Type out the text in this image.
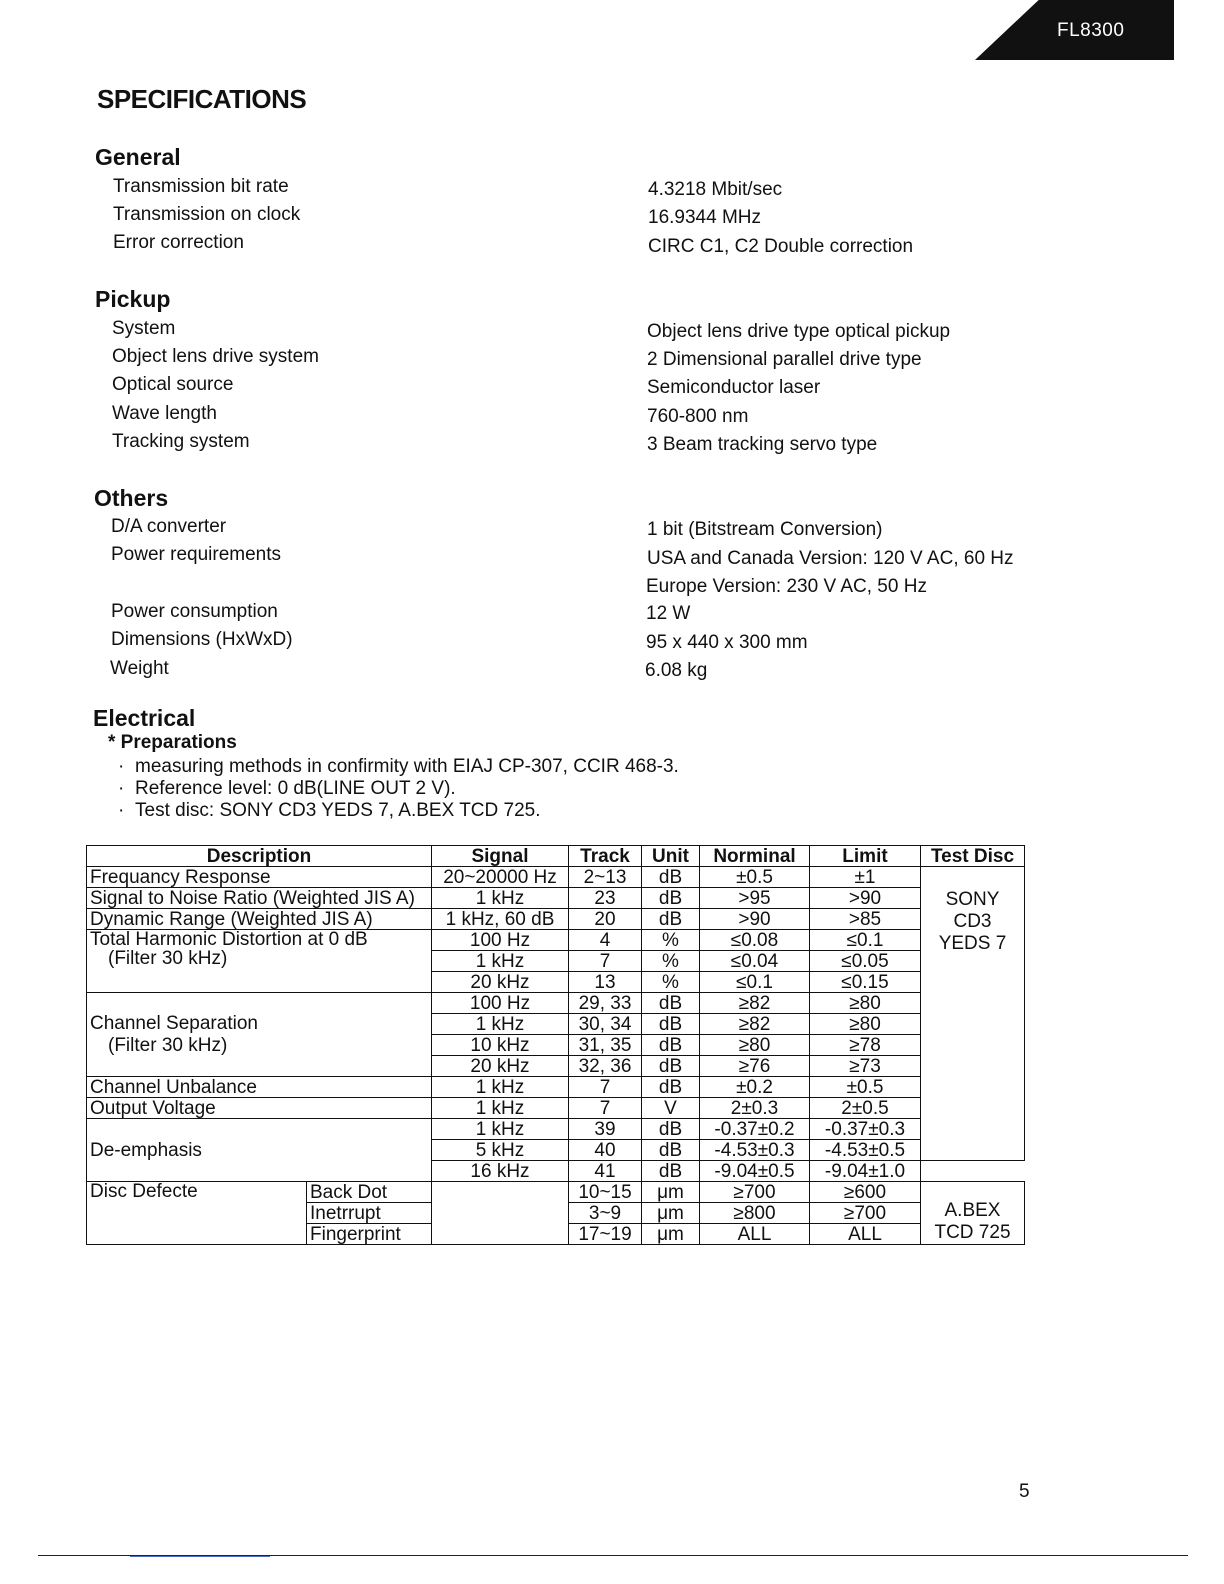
FL8300
SPECIFICATIONS
General
Transmission bit rate	4.3218 Mbit/sec
Transmission on clock	16.9344 MHz
Error correction	CIRC C1, C2 Double correction
Pickup
System	Object lens drive type optical pickup
Object lens drive system	2 Dimensional parallel drive type
Optical source	Semiconductor laser
Wave length	760-800 nm
Tracking system	3 Beam tracking servo type
Others
D/A converter	1 bit (Bitstream Conversion)
Power requirements	USA and Canada Version: 120 V AC, 60 Hz
Europe Version: 230 V AC, 50 Hz
Power consumption	12 W
Dimensions (HxWxD)	95 x 440 x 300 mm
Weight	6.08 kg
Electrical
* Preparations
· measuring methods in confirmity with EIAJ CP-307, CCIR 468-3.
· Reference level: 0 dB(LINE OUT 2 V).
· Test disc: SONY CD3 YEDS 7, A.BEX TCD 725.
Description		Signal	Track	Unit	Norminal	Limit	Test Disc
Frequancy Response		20~20000 Hz	2~13	dB	±0.5	±1	SONY
CD3
YEDS 7

Signal to Noise Ratio (Weighted JIS A)		1 kHz	23	dB	>95	>90	
Dynamic Range (Weighted JIS A)		1 kHz, 60 dB	20	dB	>90	>85	

Total Harmonic Distortion at 0 dB
(Filter 30 kHz)		100 Hz	4	%	≤0.08	≤0.1	
		1 kHz	7	%	≤0.04	≤0.05	
		20 kHz	13	%	≤0.1	≤0.15	

Channel Separation
(Filter 30 kHz)		100 Hz	29, 33	dB	≥82	≥80	
		1 kHz	30, 34	dB	≥82	≥80	
		10 kHz	31, 35	dB	≥80	≥78	
		20 kHz	32, 36	dB	≥76	≥73	
Channel Unbalance		1 kHz	7	dB	±0.2	±0.5	
Output Voltage		1 kHz	7	V	2±0.3	2±0.5	
De-emphasis		1 kHz	39	dB	-0.37±0.2	-0.37±0.3	
		5 kHz	40	dB	-4.53±0.3	-4.53±0.5	
		16 kHz	41	dB	-9.04±0.5	-9.04±1.0	
Disc Defecte	Back Dot		10~15	μm	≥700	≥600	A.BEX
TCD 725

	Inetrrupt		3~9	μm	≥800	≥700	
	Fingerprint		17~19	μm	ALL	ALL	
5
